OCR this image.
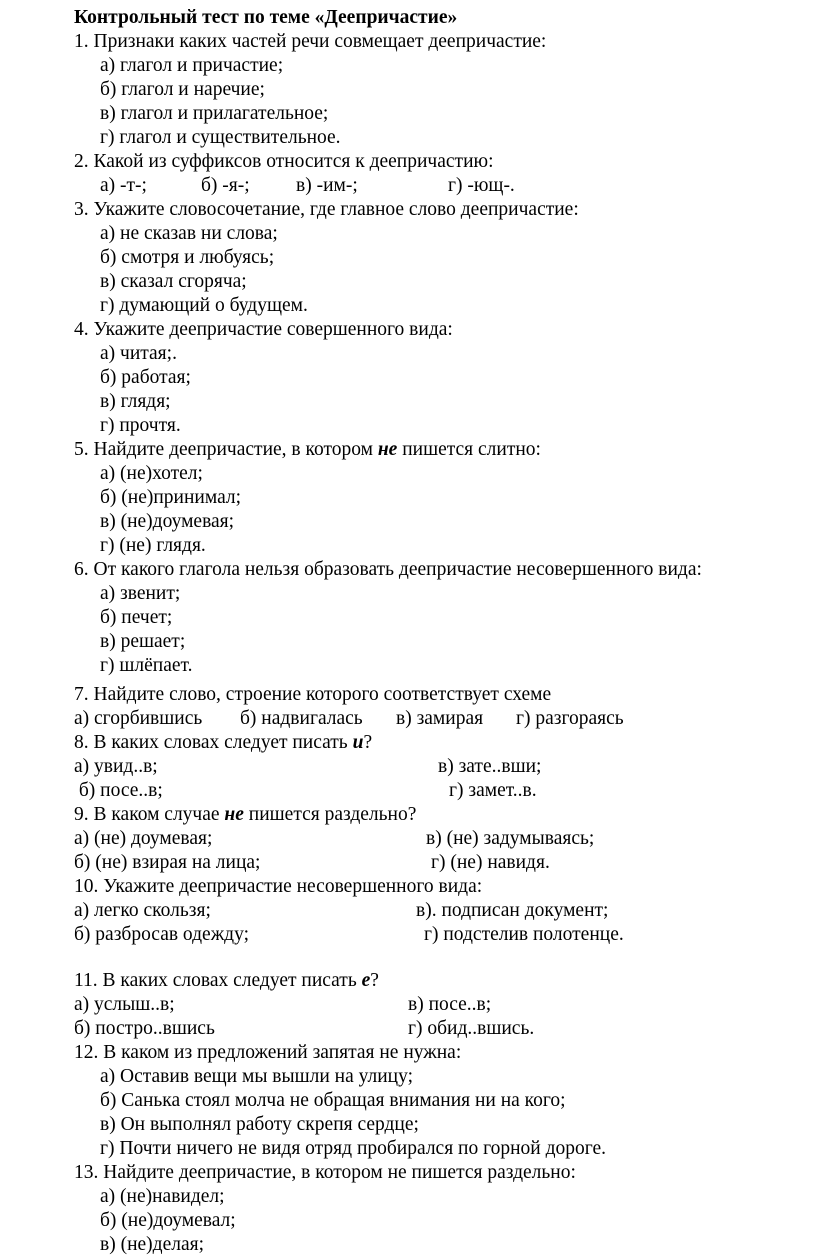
Контрольный тест по теме «Деепричастие»
1. Признаки каких частей речи совмещает деепричастие:
а) глагол и причастие;
б) глагол и наречие;
в) глагол и прилагательное;
г) глагол и существительное.
2. Какой из суффиксов относится к деепричастию:
а) -т-;	б) -я-; в) -им-;	г) -ющ-.
3. Укажите словосочетание, где главное слово деепричастие:
а) не сказав ни слова;
б) смотря и любуясь;
в) сказал сгоряча;
г) думающий о будущем.
4. Укажите деепричастие совершенного вида:
а) читая;.
б) работая;
в) глядя;
г) прочтя.
5. Найдите деепричастие, в котором не пишется слитно:
а) (не)хотел;
б) (не)принимал;
в) (не)доумевая;
г) (не) глядя.
6. От какого глагола нельзя образовать деепричастие несовершенного вида:
а) звенит;
б) печет;
в) решает;
г) шлёпает.
7. Найдите слово, строение которого соответствует схеме
а) сгорбившись б) надвигалась в) замирая г) разгораясь
8. В каких словах следует писать и?
а) увид..в;	в) зате..вши;
б) посе..в;	г) замет..в.
9. В каком случае не пишется раздельно?
а) (не) доумевая;	в) (не) задумываясь;
б) (не) взирая на лица;	г) (не) навидя.
10. Укажите деепричастие несовершенного вида:
а) легко скользя;	в). подписан документ;
б) разбросав одежду;	г) подстелив полотенце.
11. В каких словах следует писать е?
а) услыш..в;	в) посе..в;
б) постро..вшись	г) обид..вшись.
12. В каком из предложений запятая не нужна:
а) Оставив вещи мы вышли на улицу;
б) Санька стоял молча не обращая внимания ни на кого;
в) Он выполнял работу скрепя сердце;
г) Почти ничего не видя отряд пробирался по горной дороге.
13. Найдите деепричастие, в котором не пишется раздельно:
а) (не)навидел;
б) (не)доумевал;
в) (не)делая;
